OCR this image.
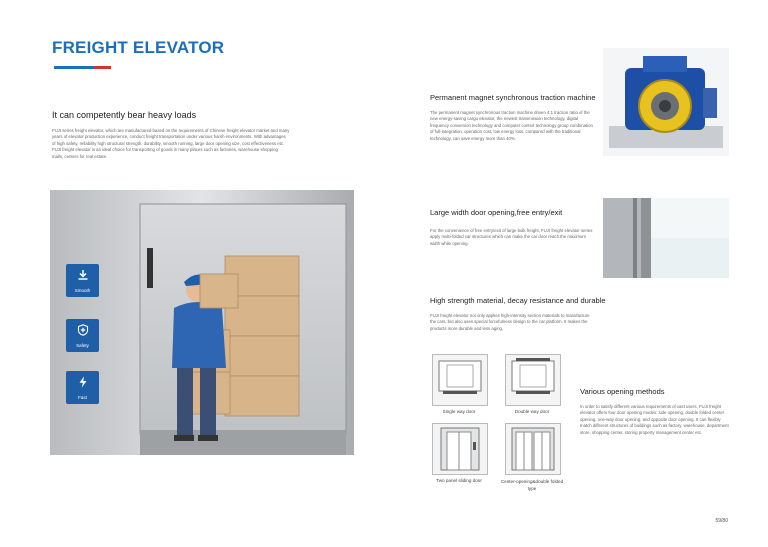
FREIGHT ELEVATOR
It can competently bear heavy loads
FUJI series freight elevator, which are manufactured based on the requirements of Chinese freight elevator market and many years of elevator production experience, conduct freight transportation under various harsh environments. With advantages of high safety, reliability high structural strength, durability, smooth running, large door opening size, cost effectiveness etc. FUJI freight elevator is an ideal choice for transporting of goods in many places such as factories, warehouse shopping malls, centers for real estate.
Smooth
Safety
Fast
Permanent magnet synchronous traction machine
The permanent magnet synchronous traction machine driven 4:1 traction ratio of the new energy-saving cargo elevator, the newest transmission technology, digital frequency conversion technology and computer control technology group combination of full-integration, operation cost, low energy loss, compared with the traditional technology, can save energy more than 40%.
Large width door opening,free entry/exit
For the convenience of free entry/exit of large bulk freight, FUJI freight elevator series apply multi-folded car structures which can make the car door reach the maximum width while opening.
High strength material, decay resistance and durable
FUJI freight elevator not only applies high-intensity section materials to manufacture the cars, but also uses special forcefulness design to the car platform. It makes the products more durable and less aging.
Single way door	Double way door
Two panel sliding door	Center-opening&double folded type
Various opening methods
In order to satisfy different various requirements of vast users, FUJI freight elevator offers four door opening modes: side opening, double folded center opening, one-way door opening, and opposite door opening. It can flexibly match different structures of buildings such as factory, warehouse, department store, shopping center, storing property management center etc.
59/80
